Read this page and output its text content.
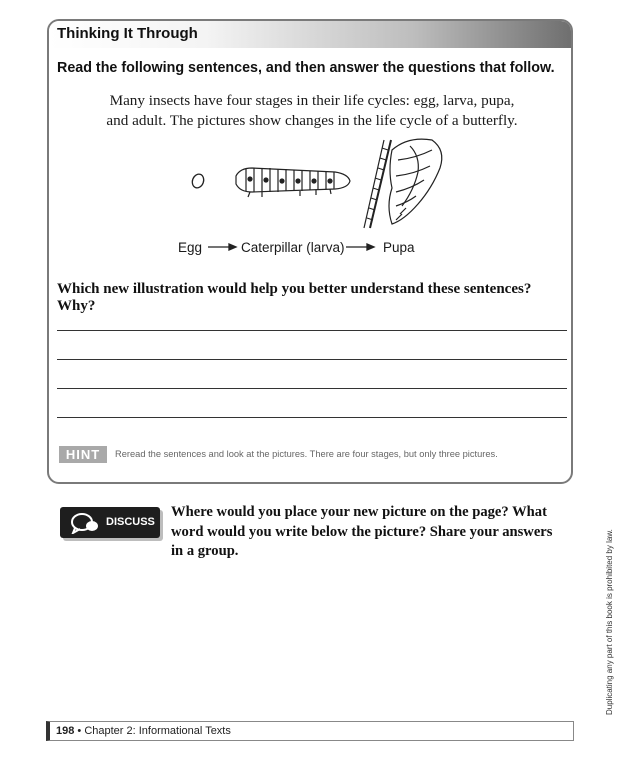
Thinking It Through
Read the following sentences, and then answer the questions that follow.
Many insects have four stages in their life cycles: egg, larva, pupa,
and adult. The pictures show changes in the life cycle of a butterfly.
Which new illustration would help you better understand these sentences? Why?
HINT	Reread the sentences and look at the pictures. There are four stages, but only three pictures.
Egg	Caterpillar (larva)	Pupa
DISCUSS
Where would you place your new picture on the page? What
word would you write below the picture? Share your answers
in a group.
198 • Chapter 2: Informational Texts
Duplicating any part of this book is prohibited by law.
